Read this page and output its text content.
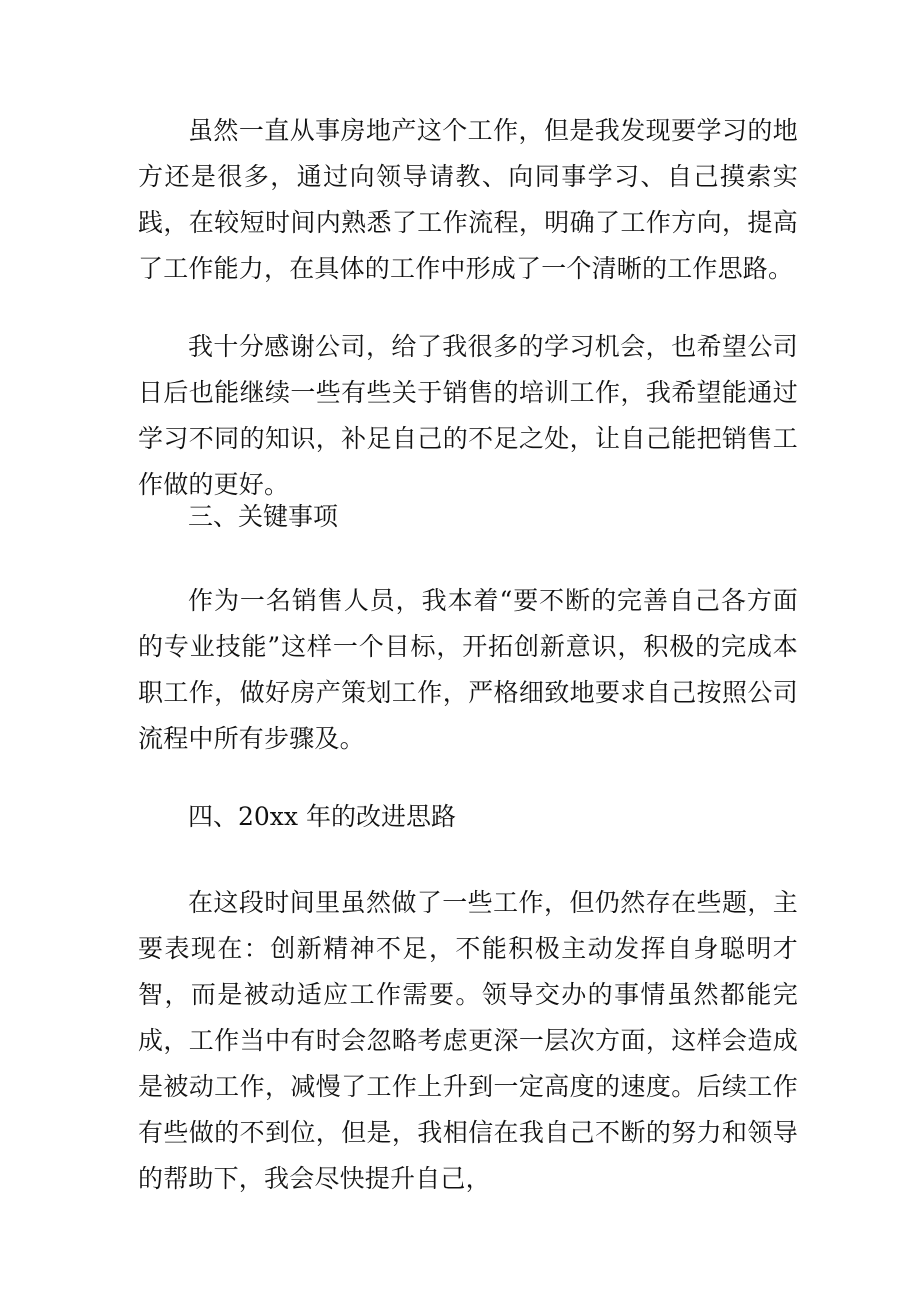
虽然一直从事房地产这个工作，但是我发现要学习的地方还是很多，通过向领导请教、向同事学习、自己摸索实践，在较短时间内熟悉了工作流程，明确了工作方向，提高了工作能力，在具体的工作中形成了一个清晰的工作思路。

我十分感谢公司，给了我很多的学习机会，也希望公司日后也能继续一些有些关于销售的培训工作，我希望能通过学习不同的知识，补足自己的不足之处，让自己能把销售工作做的更好。

三、关键事项

作为一名销售人员，我本着“要不断的完善自己各方面的专业技能”这样一个目标，开拓创新意识，积极的完成本职工作，做好房产策划工作，严格细致地要求自己按照公司流程中所有步骤及。

四、20xx 年的改进思路

在这段时间里虽然做了一些工作，但仍然存在些题，主要表现在：创新精神不足，不能积极主动发挥自身聪明才智，而是被动适应工作需要。领导交办的事情虽然都能完成，工作当中有时会忽略考虑更深一层次方面，这样会造成是被动工作，减慢了工作上升到一定高度的速度。后续工作有些做的不到位，但是，我相信在我自己不断的努力和领导的帮助下，我会尽快提升自己，
